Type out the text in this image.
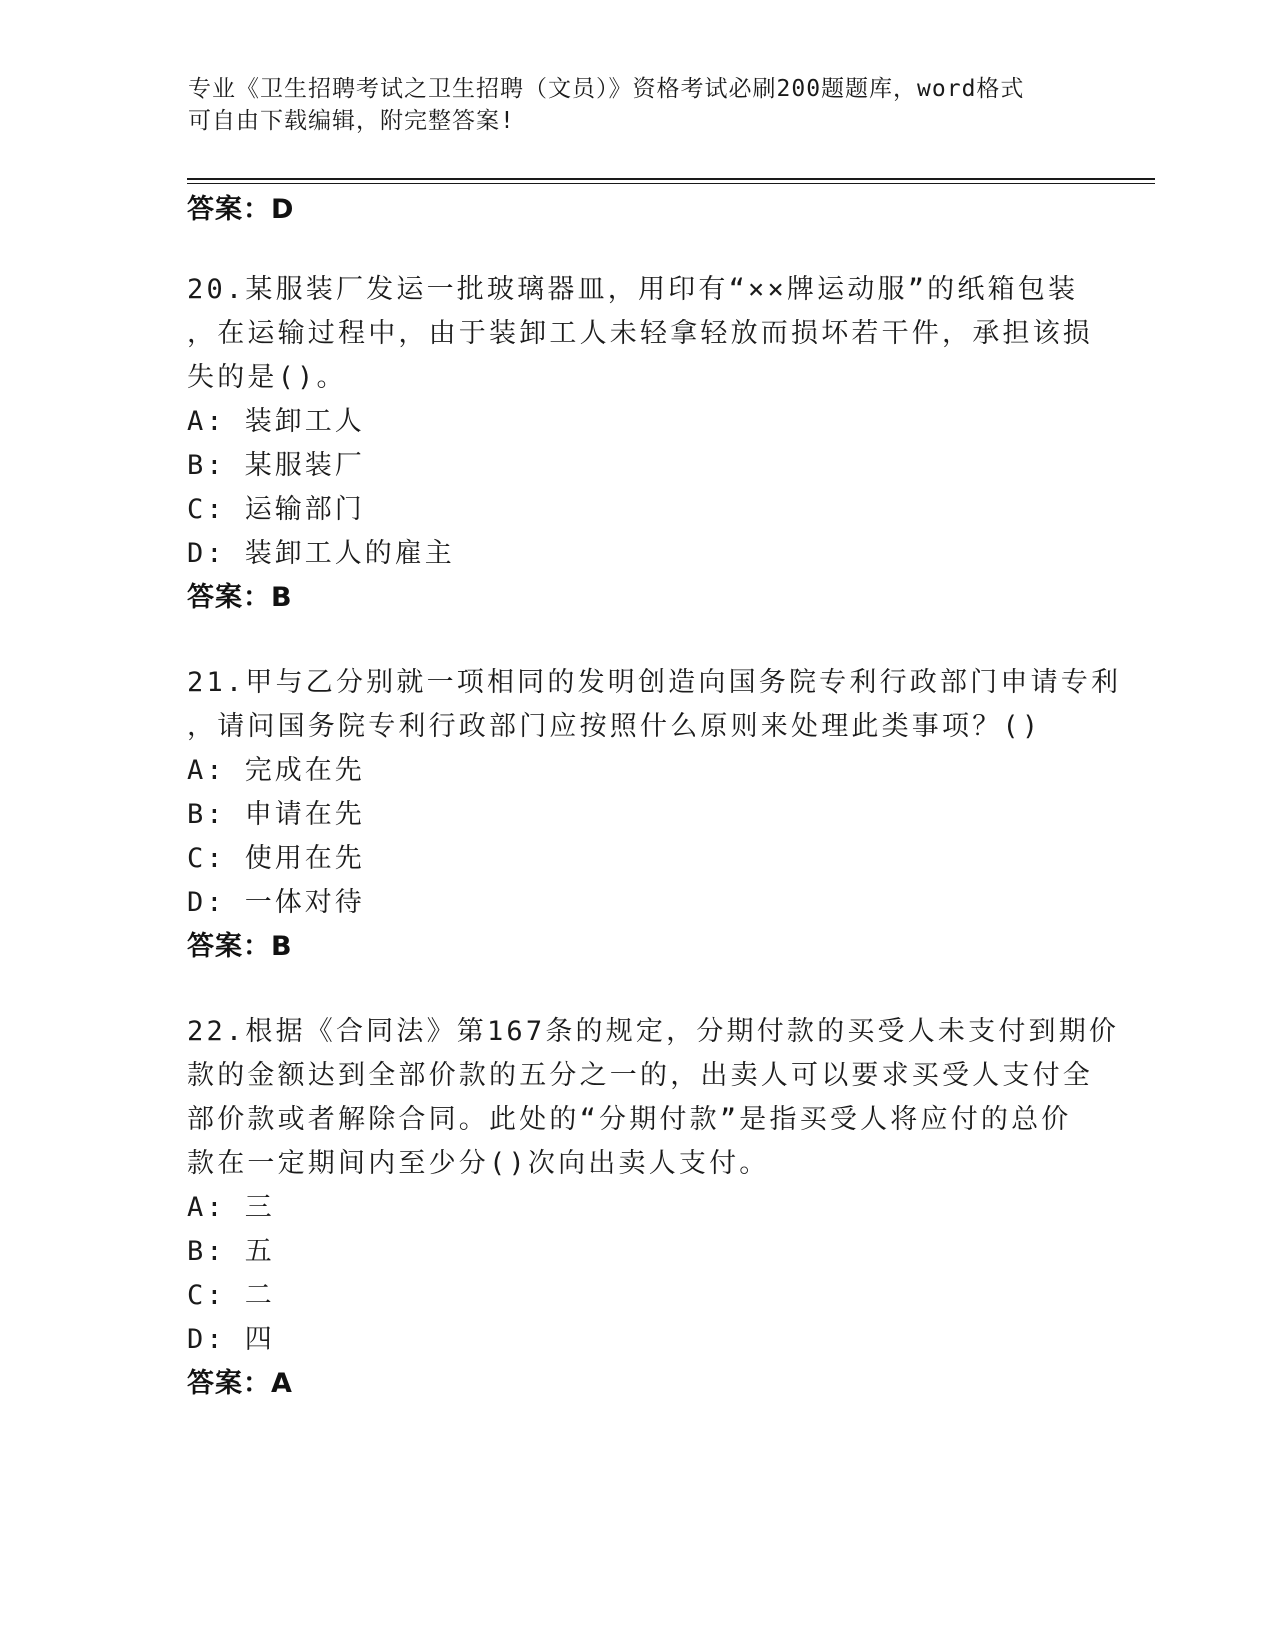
专业《卫生招聘考试之卫生招聘（文员）》资格考试必刷200题题库，word格式
可自由下载编辑，附完整答案!
答案：D
20.某服装厂发运一批玻璃器皿，用印有“××牌运动服”的纸箱包装
，在运输过程中，由于装卸工人未轻拿轻放而损坏若干件，承担该损
失的是()。
A: 装卸工人
B: 某服装厂
C: 运输部门
D: 装卸工人的雇主
答案：B
21.甲与乙分别就一项相同的发明创造向国务院专利行政部门申请专利
，请问国务院专利行政部门应按照什么原则来处理此类事项？()
A: 完成在先
B: 申请在先
C: 使用在先
D: 一体对待
答案：B
22.根据《合同法》第167条的规定，分期付款的买受人未支付到期价
款的金额达到全部价款的五分之一的，出卖人可以要求买受人支付全
部价款或者解除合同。此处的“分期付款”是指买受人将应付的总价
款在一定期间内至少分()次向出卖人支付。
A: 三
B: 五
C: 二
D: 四
答案：A
